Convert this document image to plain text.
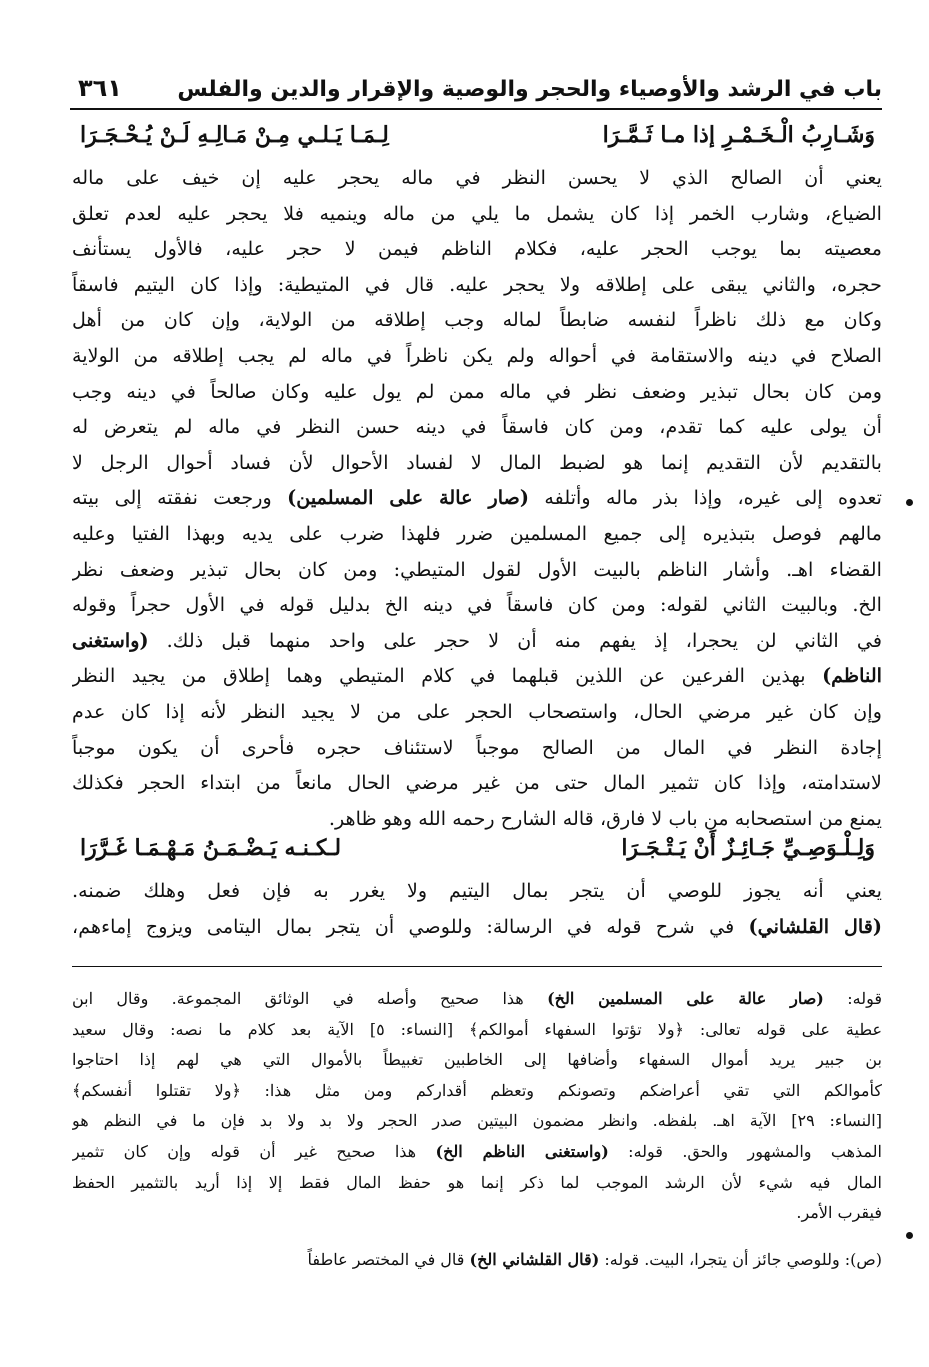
باب في الرشد والأوصياء والحجر والوصية والإقرار والدين والفلس
٣٦١
وَشَـارِبُ الْـخَـمْـرِ إذا مـا ثَـمَّـرَا
لِـمَـا يَـلـي مِـنْ مَـالِـهِ لَـنْ يُـحْـجَـرَا
يعني أن الصالح الذي لا يحسن النظر في ماله يحجر عليه إن خيف على ماله
الضياع، وشارب الخمر إذا كان يشمل ما يلي من ماله وينميه فلا يحجر عليه لعدم تعلق
معصيته بما يوجب الحجر عليه، فكلام الناظم فيمن لا حجر عليه، فالأول يستأنف
حجره، والثاني يبقى على إطلاقه ولا يحجر عليه. قال في المتيطية: وإذا كان اليتيم فاسقاً
وكان مع ذلك ناظراً لنفسه ضابطاً لماله وجب إطلاقه من الولاية، وإن كان من أهل
الصلاح في دينه والاستقامة في أحواله ولم يكن ناظراً في ماله لم يجب إطلاقه من الولاية
ومن كان بحال تبذير وضعف نظر في ماله ممن لم يول عليه وكان صالحاً في دينه وجب
أن يولى عليه كما تقدم، ومن كان فاسقاً في دينه حسن النظر في ماله لم يتعرض له
بالتقديم لأن التقديم إنما هو لضبط المال لا لفساد الأحوال لأن فساد أحوال الرجل لا
تعدوه إلى غيره، وإذا بذر ماله وأتلفه (صار عالة على المسلمين) ورجعت نفقته إلى بيته
مالهم فوصل بتبذيره إلى جميع المسلمين ضرر فلهذا ضرب على يديه وبهذا الفتيا وعليه
القضاء اهـ. وأشار الناظم بالبيت الأول لقول المتيطي: ومن كان بحال تبذير وضعف نظر
الخ. وبالبيت الثاني لقوله: ومن كان فاسقاً في دينه الخ بدليل قوله في الأول حجراً وقوله
في الثاني لن يحجرا، إذ يفهم منه أن لا حجر على واحد منهما قبل ذلك. (واستغنى
الناظم) بهذين الفرعين عن اللذين قبلهما في كلام المتيطي وهما إطلاق من يجيد النظر
وإن كان غير مرضي الحال، واستصحاب الحجر على من لا يجيد النظر لأنه إذا كان عدم
إجادة النظر في المال من الصالح موجباً لاستئناف حجره فأحرى أن يكون موجباً
لاستدامته، وإذا كان تثمير المال حتى من غير مرضي الحال مانعاً من ابتداء الحجر فكذلك
يمنع من استصحابه من باب لا فارق، قاله الشارح رحمه الله وهو ظاهر.
وَلِـلْـوَصِـيِّ جَـائِـزٌ أَنْ يَـتْـجَـرَا
لـكـنـه يَـضْـمَـنُ مَـهْـمَـا غَـرَّرَا
يعني أنه يجوز للوصي أن يتجر بمال اليتيم ولا يغرر به فإن فعل وهلك ضمنه.
(قال القلشاني) في شرح قوله في الرسالة: وللوصي أن يتجر بمال اليتامى ويزوج إماءهم،
قوله: (صار عالة على المسلمين الخ) هذا صحيح وأصله في الوثائق المجموعة. وقال ابن
عطية على قوله تعالى: ﴿ولا تؤتوا السفهاء أموالكم﴾ [النساء: ٥] الآية بعد كلام ما نصه: وقال سعيد
بن جبير يريد أموال السفهاء وأضافها إلى الخاطبين تغبيطاً بالأموال التي هي لهم إذا احتاجوا
كأموالكم التي تقي أعراضكم وتصونكم وتعظم أقداركم ومن مثل هذا: ﴿ولا تقتلوا أنفسكم﴾
[النساء: ٢٩] الآية اهـ. بلفظه. وانظر مضمون البيتين صدر الحجر ولا بد ولا بد فإن ما في النظم هو
المذهب والمشهور والحق. قوله: (واستغنى الناظم الخ) هذا صحيح غير أن قوله وإن كان تثمير
المال فيه شيء لأن الرشد الموجب لما ذكر إنما هو حفظ المال فقط إلا إذا أريد بالتثمير الحفظ
فيقرب الأمر.
(ص): وللوصي جائز أن يتجرا، البيت. قوله: (قال القلشاني الخ) قال في المختصر عاطفاً
